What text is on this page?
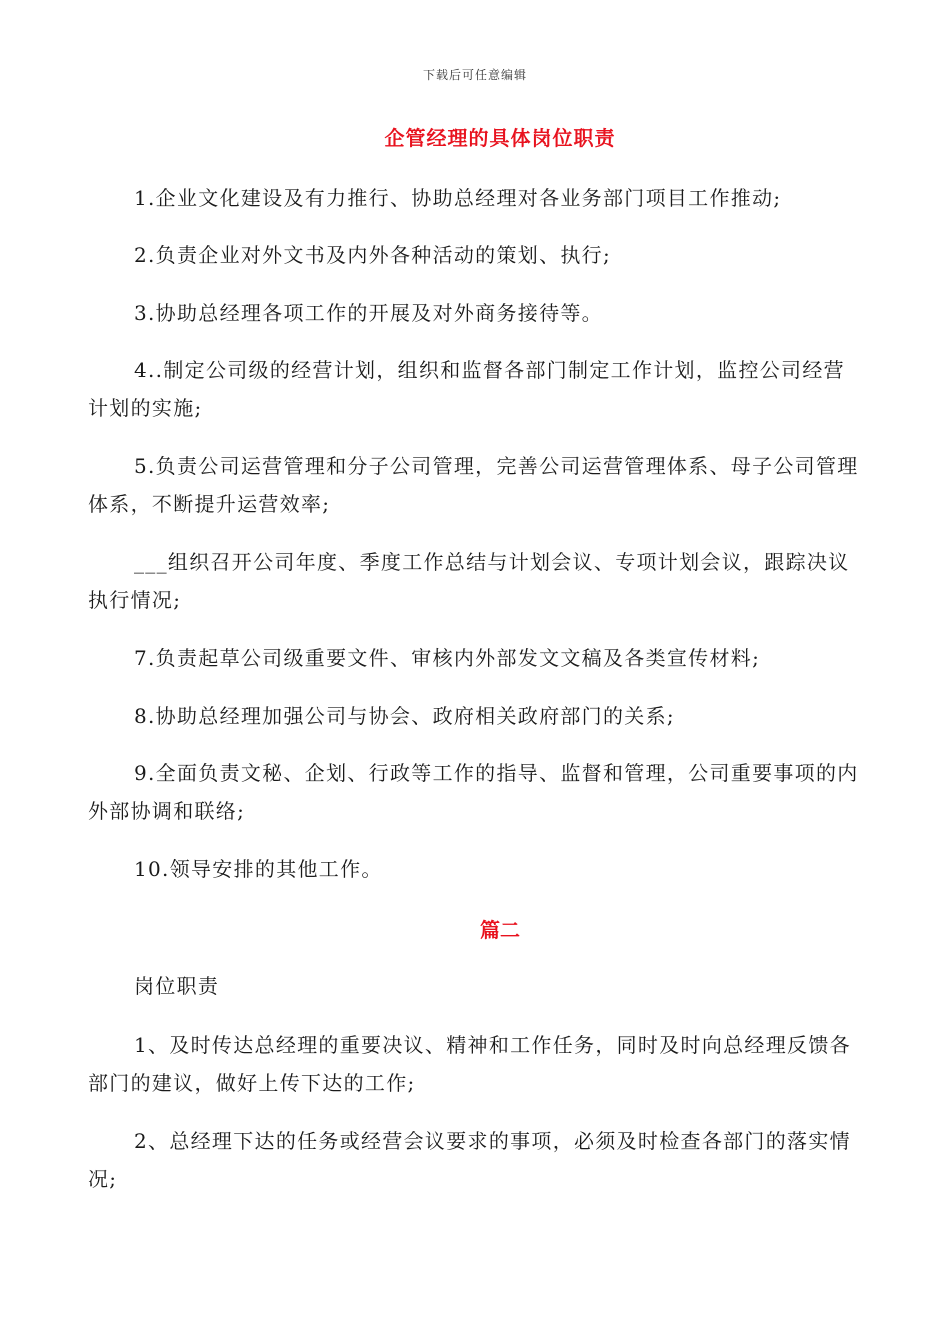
下载后可任意编辑
企管经理的具体岗位职责
1.企业文化建设及有力推行、协助总经理对各业务部门项目工作推动;
2.负责企业对外文书及内外各种活动的策划、执行;
3.协助总经理各项工作的开展及对外商务接待等。
4..制定公司级的经营计划，组织和监督各部门制定工作计划，监控公司经营计划的实施;
5.负责公司运营管理和分子公司管理，完善公司运营管理体系、母子公司管理体系，不断提升运营效率;
___组织召开公司年度、季度工作总结与计划会议、专项计划会议，跟踪决议执行情况;
7.负责起草公司级重要文件、审核内外部发文文稿及各类宣传材料;
8.协助总经理加强公司与协会、政府相关政府部门的关系;
9.全面负责文秘、企划、行政等工作的指导、监督和管理，公司重要事项的内外部协调和联络;
10.领导安排的其他工作。
篇二
岗位职责
1、及时传达总经理的重要决议、精神和工作任务，同时及时向总经理反馈各部门的建议，做好上传下达的工作;
2、总经理下达的任务或经营会议要求的事项，必须及时检查各部门的落实情况;
